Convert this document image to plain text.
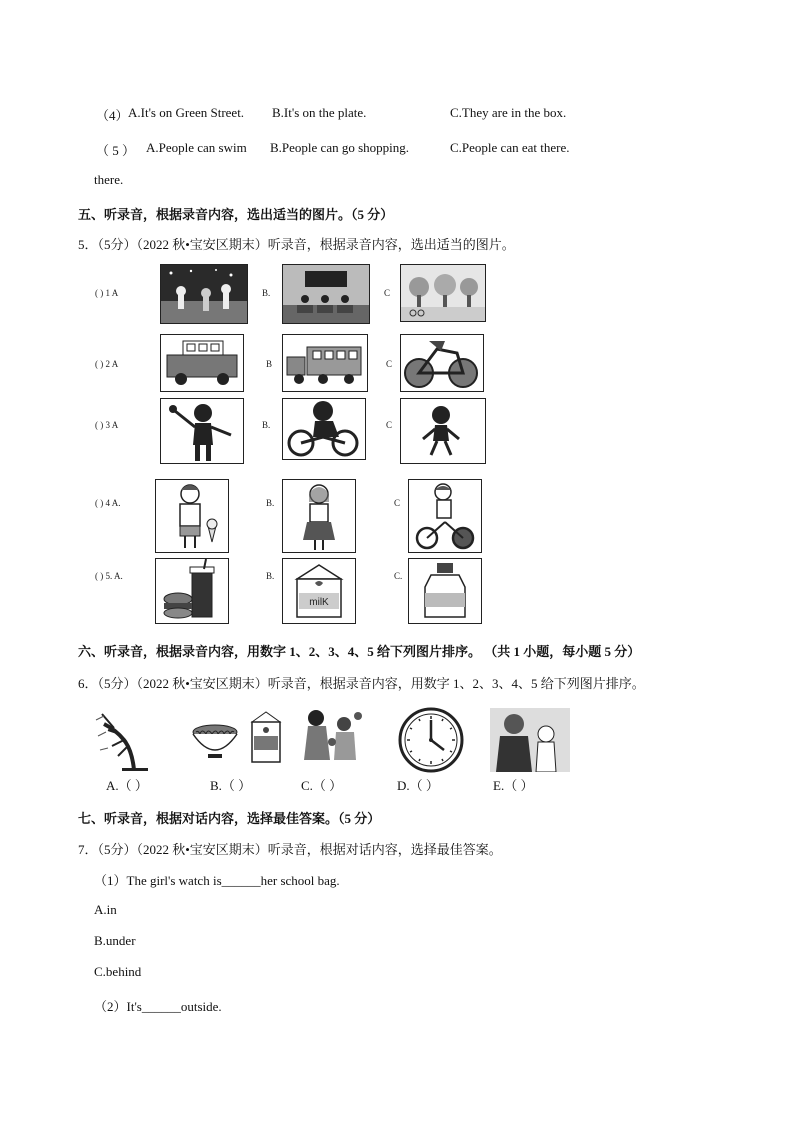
（4） A.It's on Green Street. B.It's on the plate.	C.They are in the box.
（ 5 ） A.People can swim B.People can go shopping.	C.People can eat there.
there.
五、听录音，根据录音内容，选出适当的图片。（5 分）
5．（5分）（2022 秋•宝安区期末）听录音，根据录音内容，选出适当的图片。
( ) 1 A	B.	C
( ) 2 A	B	C
( ) 3 A	B.	C
( ) 4 A.	B.	C
( ) 5. A.	B.
milK
C.
六、听录音，根据录音内容，用数字 1、2、3、4、5 给下列图片排序。 （共 1 小题，每小题 5 分）
6．（5分）（2022 秋•宝安区期末）听录音，根据录音内容，用数字 1、2、3、4、5 给下列图片排序。
A.（ ）	B.（ ）	C.（ ）	D.（ ）	E.（ ）
七、听录音，根据对话内容，选择最佳答案。（5 分）
7．（5分）（2022 秋•宝安区期末）听录音，根据对话内容，选择最佳答案。
（1）The girl's watch is______her school bag.
A.in
B.under
C.behind
（2）It's______outside.
